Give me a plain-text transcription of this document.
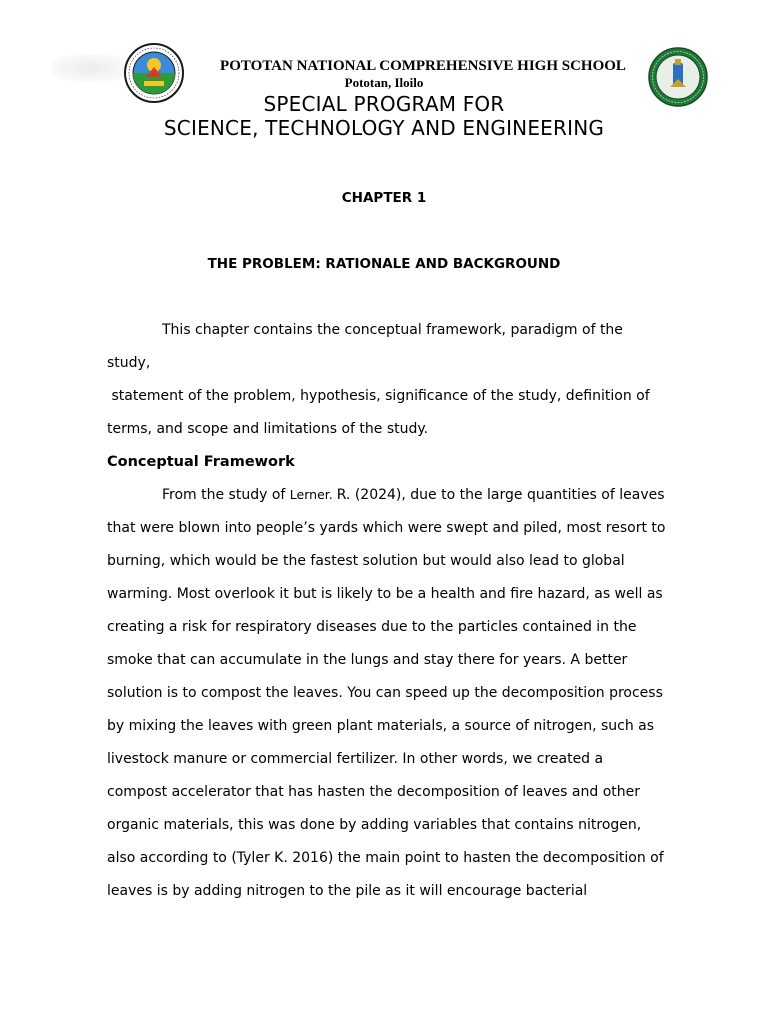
POTOTAN NATIONAL COMPREHENSIVE HIGH SCHOOL
Pototan, Iloilo
SPECIAL PROGRAM FOR
SCIENCE, TECHNOLOGY AND ENGINEERING
CHAPTER 1
THE PROBLEM: RATIONALE AND BACKGROUND
This chapter contains the conceptual framework, paradigm of the
study,
statement of the problem, hypothesis, significance of the study, definition of
terms, and scope and limitations of the study.
Conceptual Framework
From the study of Lerner. R. (2024), due to the large quantities of leaves
that were blown into people’s yards which were swept and piled, most resort to
burning, which would be the fastest solution but would also lead to global
warming. Most overlook it but is likely to be a health and fire hazard, as well as
creating a risk for respiratory diseases due to the particles contained in the
smoke that can accumulate in the lungs and stay there for years. A better
solution is to compost the leaves. You can speed up the decomposition process
by mixing the leaves with green plant materials, a source of nitrogen, such as
livestock manure or commercial fertilizer. In other words, we created a
compost accelerator that has hasten the decomposition of leaves and other
organic materials, this was done by adding variables that contains nitrogen,
also according to (Tyler K. 2016) the main point to hasten the decomposition of
leaves is by adding nitrogen to the pile as it will encourage bacterial
